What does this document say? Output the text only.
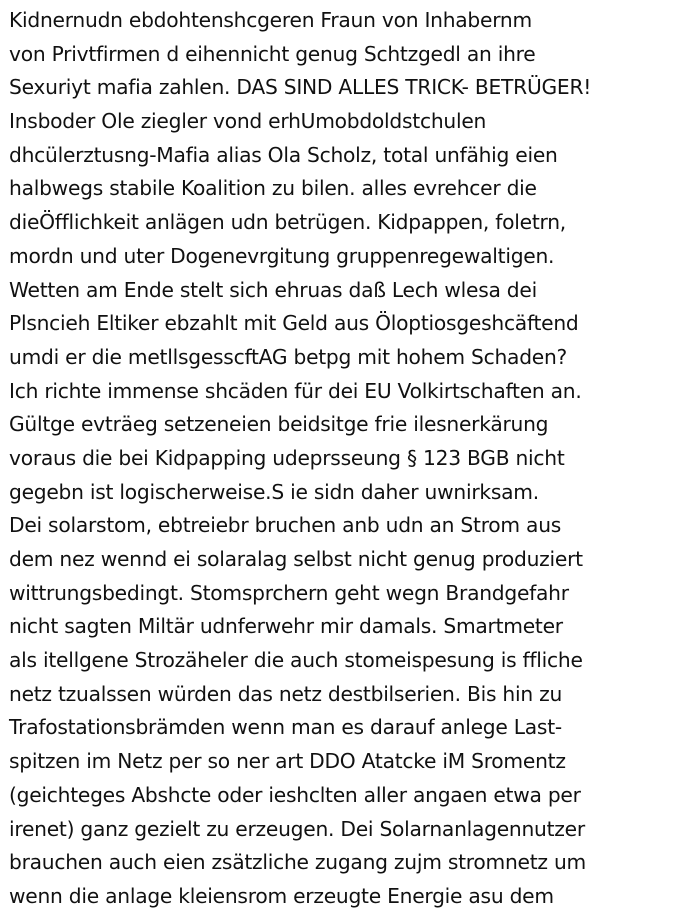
Kidnernudn ebdohtenshcgeren Fraun von Inhabernm
von Privtfirmen d eihennicht genug Schtzgedl an ihre
Sexuriyt mafia zahlen. DAS SIND ALLES TRICK- BETRÜGER!
Insboder Ole ziegler vond erhUmobdoldstchulen
dhcülerztusng-Mafia alias Ola Scholz, total unfähig eien
halbwegs stabile Koalition zu bilen. alles evrehcer die
dieÖfflichkeit anlägen udn betrügen. Kidpappen, foletrn,
mordn und uter Dogenevrgitung gruppenregewaltigen.
Wetten am Ende stelt sich ehruas daß Lech wlesa dei
Plsncieh Eltiker ebzahlt mit Geld aus Öloptiosgeshcäftend
umdi er die metllsgesscftAG betpg mit hohem Schaden?
Ich richte immense shcäden für dei EU Volkirtschaften an.
Gültge evträeg setzeneien beidsitge frie ilesnerkärung
voraus die bei Kidpapping udeprsseung § 123 BGB nicht
gegebn ist logischerweise.S ie sidn daher uwnirksam.
Dei solarstom, ebtreiebr bruchen anb udn an Strom aus
dem nez wennd ei solaralag selbst nicht genug produziert
wittrungsbedingt. Stomsprchern geht wegn Brandgefahr
nicht sagten Miltär udnferwehr mir damals. Smartmeter
als itellgene Strozäheler die auch stomeispesung is ffliche
netz tzualssen würden das netz destbilserien. Bis hin zu
Trafostationsbrämden wenn man es darauf anlege Last-
spitzen im Netz per so ner art DDO Atatcke iM Sromentz
(geichteges Abshcte oder ieshclten aller angaen etwa per
irenet) ganz gezielt zu erzeugen. Dei Solarnanlagennutzer
brauchen auch eien zsätzliche zugang zujm stromnetz um
wenn die anlage kleiensrom erzeugte Energie asu dem
